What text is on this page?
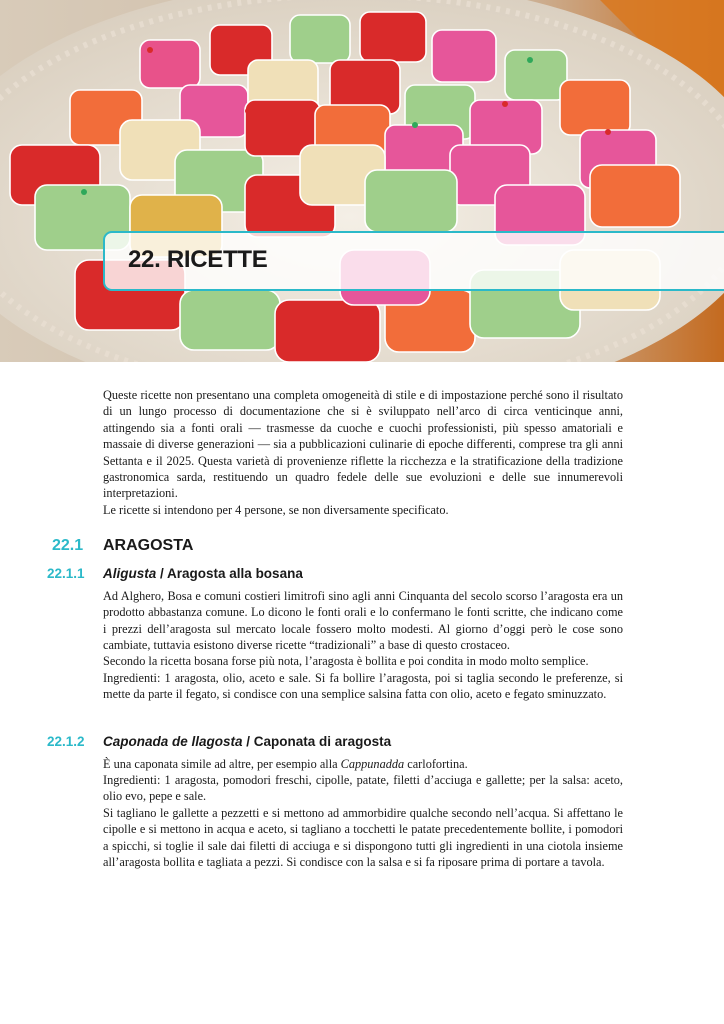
22. RICETTE

Queste ricette non presentano una completa omogeneità di stile e di impostazione perché sono il risultato di un lungo processo di documentazione che si è sviluppato nell’arco di circa venticinque anni, attingendo sia a fonti orali — trasmesse da cuoche e cuochi professionisti, più spesso amatoriali e massaie di diverse generazioni — sia a pubblicazioni culinarie di epoche differenti, comprese tra gli anni Settanta e il 2025. Questa varietà di provenienze riflette la ricchezza e la stratificazione della tradizione gastronomica sarda, restituendo un quadro fedele delle sue evoluzioni e delle sue innumerevoli interpretazioni.

Le ricette si intendono per 4 persone, se non diversamente specificato.

22.1 ARAGOSTA
22.1.1 Aligusta / Aragosta alla bosana

Ad Alghero, Bosa e comuni costieri limitrofi sino agli anni Cinquanta del secolo scorso l’aragosta era un prodotto abbastanza comune. Lo dicono le fonti orali e lo confermano le fonti scritte, che indicano come i prezzi dell’aragosta sul mercato locale fossero molto modesti. Al giorno d’oggi però le cose sono cambiate, tuttavia esistono diverse ricette “tradizionali” a base di questo crostaceo.

Secondo la ricetta bosana forse più nota, l’aragosta è bollita e poi condita in modo molto semplice.

Ingredienti: 1 aragosta, olio, aceto e sale. Si fa bollire l’aragosta, poi si taglia secondo le preferenze, si mette da parte il fegato, si condisce con una semplice salsina fatta con olio, aceto e fegato sminuzzato.

22.1.2 Caponada de llagosta / Caponata di aragosta

È una caponata simile ad altre, per esempio alla Cappunadda carlofortina.

Ingredienti: 1 aragosta, pomodori freschi, cipolle, patate, filetti d’acciuga e gallette; per la salsa: aceto, olio evo, pepe e sale.

Si tagliano le gallette a pezzetti e si mettono ad ammorbidire qualche secondo nell’acqua. Si affettano le cipolle e si mettono in acqua e aceto, si tagliano a tocchetti le patate precedentemente bollite, i pomodori a spicchi, si toglie il sale dai filetti di acciuga e si dispongono tutti gli ingredienti in una ciotola insieme all’aragosta bollita e tagliata a pezzi. Si condisce con la salsa e si fa riposare prima di portare a tavola.
